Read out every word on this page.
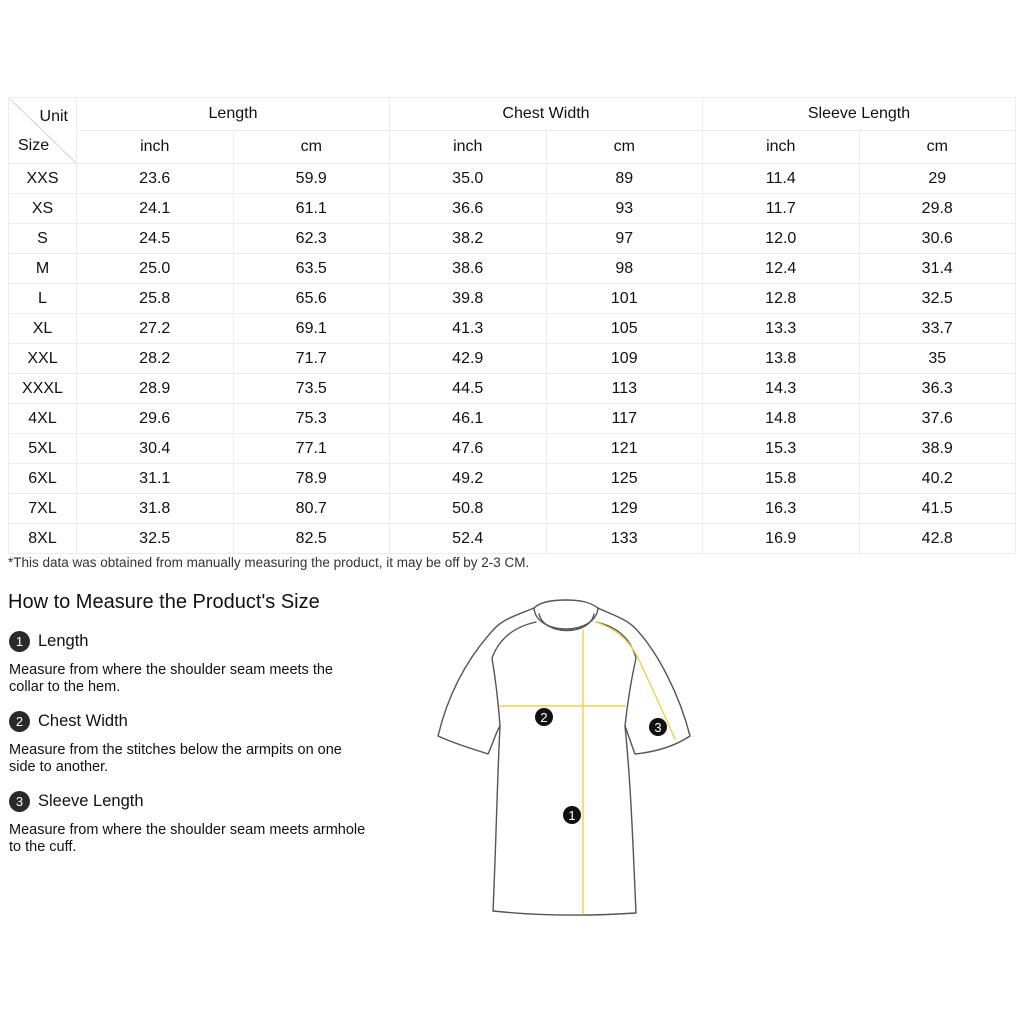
Unit
Size	Length		Chest Width		Sleeve Length	
	inch	cm	inch	cm	inch	cm
XXS	23.6	59.9	35.0	89	11.4	29
XS	24.1	61.1	36.6	93	11.7	29.8
S	24.5	62.3	38.2	97	12.0	30.6
M	25.0	63.5	38.6	98	12.4	31.4
L	25.8	65.6	39.8	101	12.8	32.5
XL	27.2	69.1	41.3	105	13.3	33.7
XXL	28.2	71.7	42.9	109	13.8	35
XXXL	28.9	73.5	44.5	113	14.3	36.3
4XL	29.6	75.3	46.1	117	14.8	37.6
5XL	30.4	77.1	47.6	121	15.3	38.9
6XL	31.1	78.9	49.2	125	15.8	40.2
7XL	31.8	80.7	50.8	129	16.3	41.5
8XL	32.5	82.5	52.4	133	16.9	42.8
*This data was obtained from manually measuring the product, it may be off by 2-3 CM.
How to Measure the Product's Size
1 Length
Measure from where the shoulder seam meets the collar to the hem.
2 Chest Width
Measure from the stitches below the armpits on one side to another.
3 Sleeve Length
Measure from where the shoulder seam meets armhole to the cuff.
2
3
1
